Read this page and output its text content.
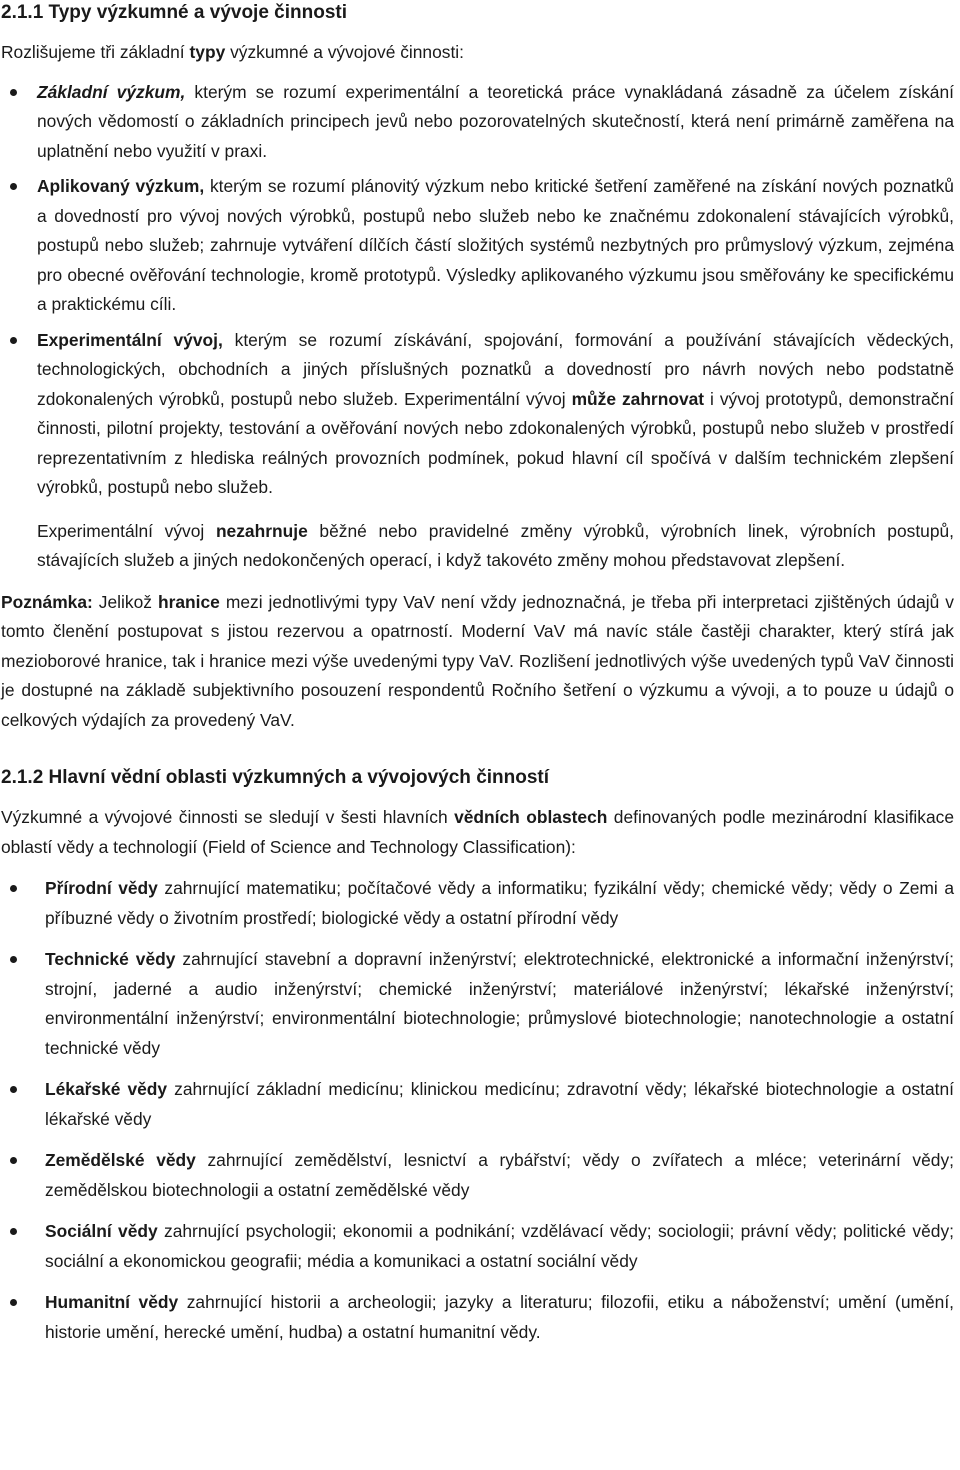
2.1.1 Typy výzkumné a vývoje činnosti

Rozlišujeme tři základní typy výzkumné a vývojové činnosti:

Základní výzkum, kterým se rozumí experimentální a teoretická práce vynakládaná zásadně za účelem získání nových vědomostí o základních principech jevů nebo pozorovatelných skutečností, která není primárně zaměřena na uplatnění nebo využití v praxi.
Aplikovaný výzkum, kterým se rozumí plánovitý výzkum nebo kritické šetření zaměřené na získání nových poznatků a dovedností pro vývoj nových výrobků, postupů nebo služeb nebo ke značnému zdokonalení stávajících výrobků, postupů nebo služeb; zahrnuje vytváření dílčích částí složitých systémů nezbytných pro průmyslový výzkum, zejména pro obecné ověřování technologie, kromě prototypů. Výsledky aplikovaného výzkumu jsou směřovány ke specifickému a praktickému cíli.
Experimentální vývoj, kterým se rozumí získávání, spojování, formování a používání stávajících vědeckých, technologických, obchodních a jiných příslušných poznatků a dovedností pro návrh nových nebo podstatně zdokonalených výrobků, postupů nebo služeb. Experimentální vývoj může zahrnovat i vývoj prototypů, demonstrační činnosti, pilotní projekty, testování a ověřování nových nebo zdokonalených výrobků, postupů nebo služeb v prostředí reprezentativním z hlediska reálných provozních podmínek, pokud hlavní cíl spočívá v dalším technickém zlepšení výrobků, postupů nebo služeb.

Experimentální vývoj nezahrnuje běžné nebo pravidelné změny výrobků, výrobních linek, výrobních postupů, stávajících služeb a jiných nedokončených operací, i když takovéto změny mohou představovat zlepšení.

Poznámka: Jelikož hranice mezi jednotlivými typy VaV není vždy jednoznačná, je třeba při interpretaci zjištěných údajů v tomto členění postupovat s jistou rezervou a opatrností. Moderní VaV má navíc stále častěji charakter, který stírá jak mezioborové hranice, tak i hranice mezi výše uvedenými typy VaV. Rozlišení jednotlivých výše uvedených typů VaV činnosti je dostupné na základě subjektivního posouzení respondentů Ročního šetření o výzkumu a vývoji, a to pouze u údajů o celkových výdajích za provedený VaV.

2.1.2 Hlavní vědní oblasti výzkumných a vývojových činností

Výzkumné a vývojové činnosti se sledují v šesti hlavních vědních oblastech definovaných podle mezinárodní klasifikace oblastí vědy a technologií (Field of Science and Technology Classification):

Přírodní vědy zahrnující matematiku; počítačové vědy a informatiku; fyzikální vědy; chemické vědy; vědy o Zemi a příbuzné vědy o životním prostředí; biologické vědy a ostatní přírodní vědy
Technické vědy zahrnující stavební a dopravní inženýrství; elektrotechnické, elektronické a informační inženýrství; strojní, jaderné a audio inženýrství; chemické inženýrství; materiálové inženýrství; lékařské inženýrství; environmentální inženýrství; environmentální biotechnologie; průmyslové biotechnologie; nanotechnologie a ostatní technické vědy
Lékařské vědy zahrnující základní medicínu; klinickou medicínu; zdravotní vědy; lékařské biotechnologie a ostatní lékařské vědy
Zemědělské vědy zahrnující zemědělství, lesnictví a rybářství; vědy o zvířatech a mléce; veterinární vědy; zemědělskou biotechnologii a ostatní zemědělské vědy
Sociální vědy zahrnující psychologii; ekonomii a podnikání; vzdělávací vědy; sociologii; právní vědy; politické vědy; sociální a ekonomickou geografii; média a komunikaci a ostatní sociální vědy
Humanitní vědy zahrnující historii a archeologii; jazyky a literaturu; filozofii, etiku a náboženství; umění (umění, historie umění, herecké umění, hudba) a ostatní humanitní vědy.
